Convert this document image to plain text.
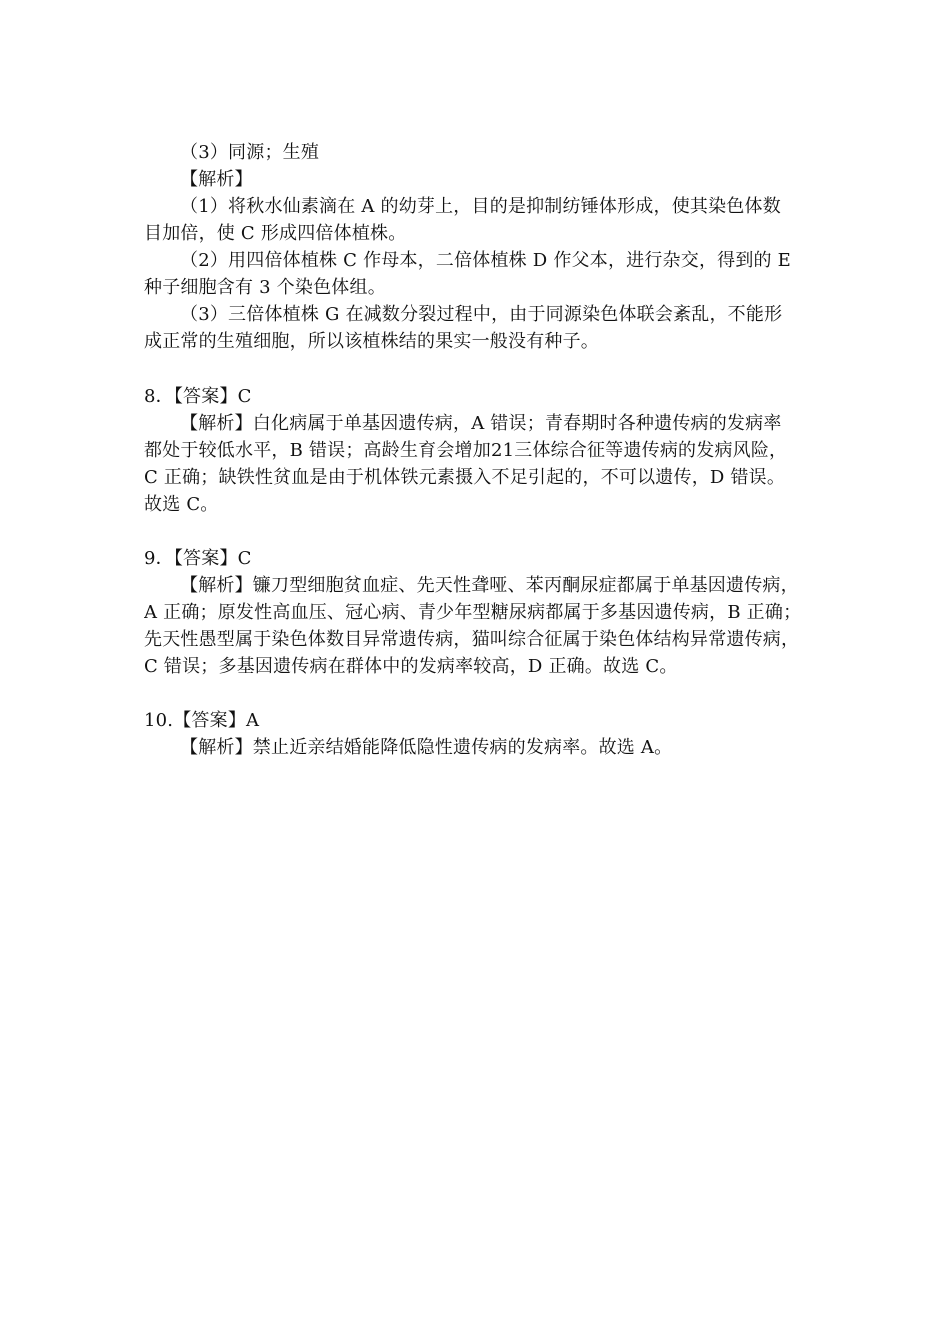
（3）同源；生殖
【解析】
（1）将秋水仙素滴在 A 的幼芽上，目的是抑制纺锤体形成，使其染色体数
目加倍，使 C 形成四倍体植株。
（2）用四倍体植株 C 作母本，二倍体植株 D 作父本，进行杂交，得到的 E
种子细胞含有 3 个染色体组。
（3）三倍体植株 G 在减数分裂过程中，由于同源染色体联会紊乱，不能形
成正常的生殖细胞，所以该植株结的果实一般没有种子。
8．【答案】C
【解析】白化病属于单基因遗传病，A 错误；青春期时各种遗传病的发病率
都处于较低水平，B 错误；高龄生育会增加21三体综合征等遗传病的发病风险，
C 正确；缺铁性贫血是由于机体铁元素摄入不足引起的，不可以遗传，D 错误。
故选 C。
9．【答案】C
【解析】镰刀型细胞贫血症、先天性聋哑、苯丙酮尿症都属于单基因遗传病，
A 正确；原发性高血压、冠心病、青少年型糖尿病都属于多基因遗传病，B 正确；
先天性愚型属于染色体数目异常遗传病，猫叫综合征属于染色体结构异常遗传病，
C 错误；多基因遗传病在群体中的发病率较高，D 正确。故选 C。
10.【答案】A
【解析】禁止近亲结婚能降低隐性遗传病的发病率。故选 A。
